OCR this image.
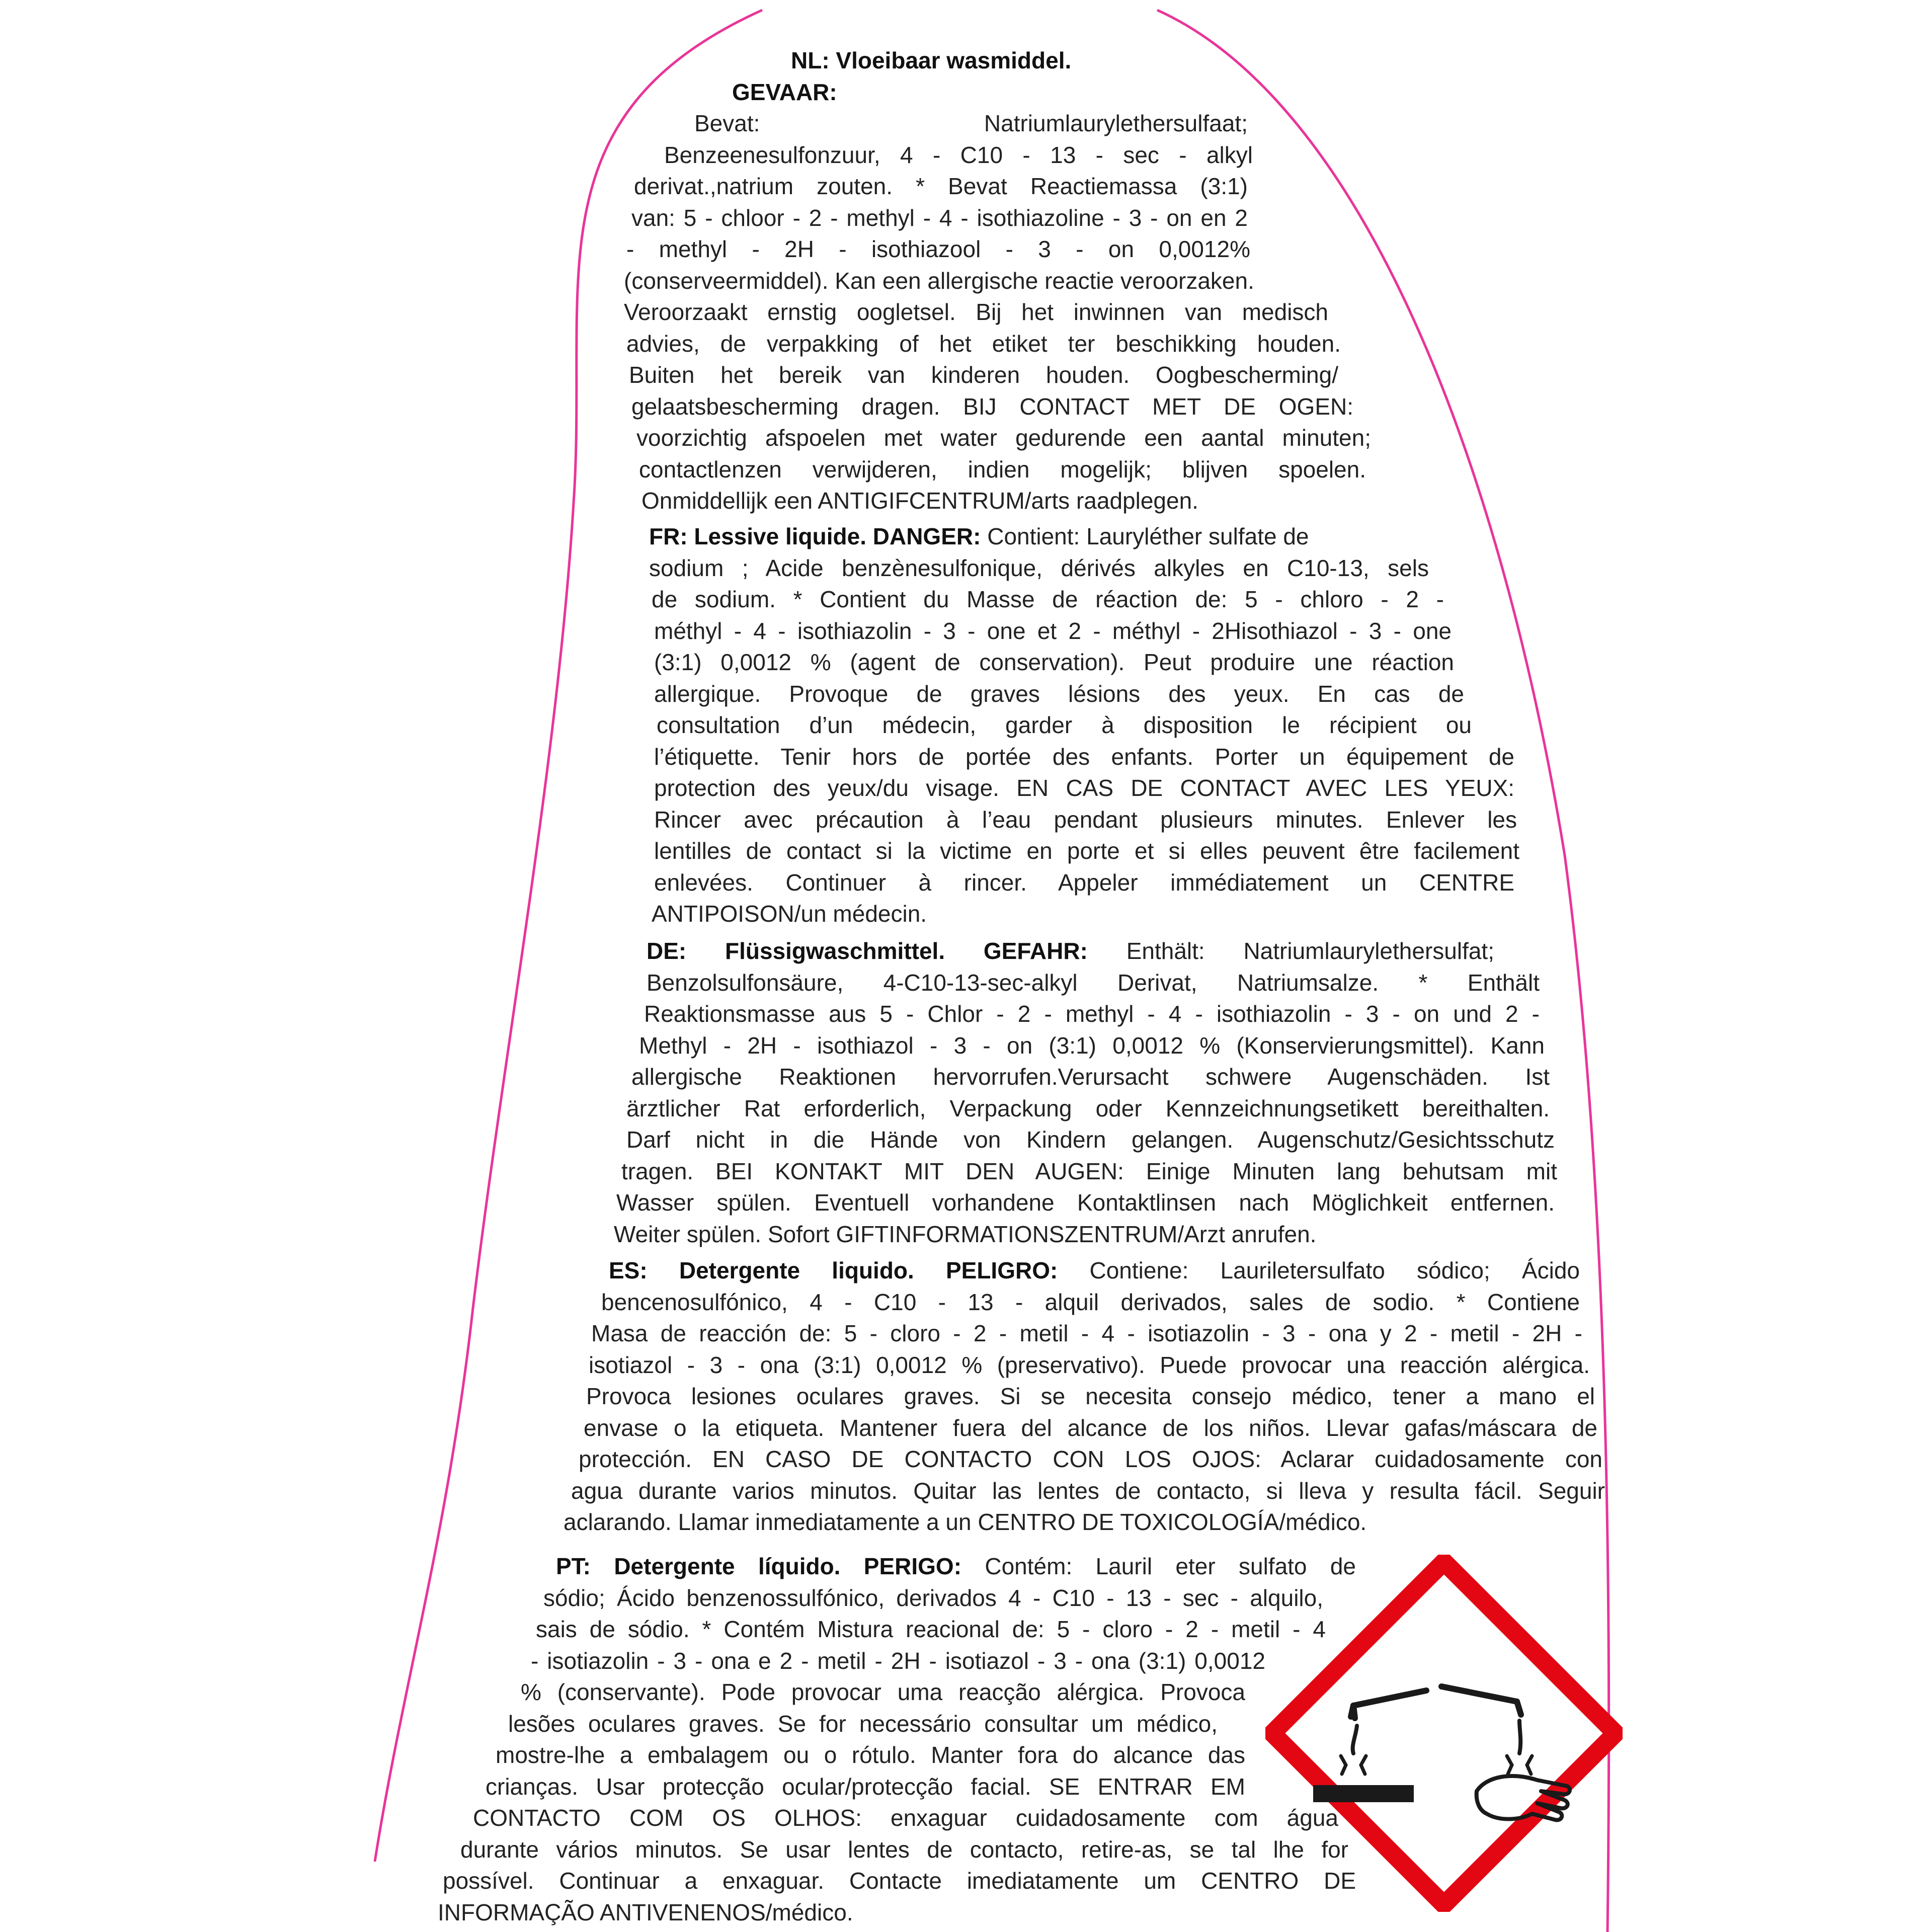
NL: Vloeibaar wasmiddel.
GEVAAR:
Bevat: Natriumlaurylethersulfaat;
Benzeenesulfonzuur, 4 - C10 - 13 - sec - alkyl
derivat.,natrium zouten. * Bevat Reactiemassa (3:1)
van: 5 - chloor - 2 - methyl - 4 - isothiazoline - 3 - on en 2
- methyl - 2H - isothiazool - 3 - on 0,0012%
(conserveermiddel). Kan een allergische reactie veroorzaken.
Veroorzaakt ernstig oogletsel. Bij het inwinnen van medisch
advies, de verpakking of het etiket ter beschikking houden.
Buiten het bereik van kinderen houden. Oogbescherming/
gelaatsbescherming dragen. BIJ CONTACT MET DE OGEN:
voorzichtig afspoelen met water gedurende een aantal minuten;
contactlenzen verwijderen, indien mogelijk; blijven spoelen.
Onmiddellijk een ANTIGIFCENTRUM/arts raadplegen.
FR: Lessive liquide. DANGER: Contient: Lauryléther sulfate de
sodium ; Acide benzènesulfonique, dérivés alkyles en C10-13, sels
de sodium. * Contient du Masse de réaction de: 5 - chloro - 2 -
méthyl - 4 - isothiazolin - 3 - one et 2 - méthyl - 2Hisothiazol - 3 - one
(3:1) 0,0012 % (agent de conservation). Peut produire une réaction
allergique. Provoque de graves lésions des yeux. En cas de
consultation d’un médecin, garder à disposition le récipient ou
l’étiquette. Tenir hors de portée des enfants. Porter un équipement de
protection des yeux/du visage. EN CAS DE CONTACT AVEC LES YEUX:
Rincer avec précaution à l’eau pendant plusieurs minutes. Enlever les
lentilles de contact si la victime en porte et si elles peuvent être facilement
enlevées. Continuer à rincer. Appeler immédiatement un CENTRE
ANTIPOISON/un médecin.
DE: Flüssigwaschmittel. GEFAHR: Enthält: Natriumlaurylethersulfat;
Benzolsulfonsäure, 4-C10-13-sec-alkyl Derivat, Natriumsalze. * Enthält
Reaktionsmasse aus 5 - Chlor - 2 - methyl - 4 - isothiazolin - 3 - on und 2 -
Methyl - 2H - isothiazol - 3 - on (3:1) 0,0012 % (Konservierungsmittel). Kann
allergische Reaktionen hervorrufen.Verursacht schwere Augenschäden. Ist
ärztlicher Rat erforderlich, Verpackung oder Kennzeichnungsetikett bereithalten.
Darf nicht in die Hände von Kindern gelangen. Augenschutz/Gesichtsschutz
tragen. BEI KONTAKT MIT DEN AUGEN: Einige Minuten lang behutsam mit
Wasser spülen. Eventuell vorhandene Kontaktlinsen nach Möglichkeit entfernen.
Weiter spülen. Sofort GIFTINFORMATIONSZENTRUM/Arzt anrufen.
ES: Detergente liquido. PELIGRO: Contiene: Lauriletersulfato sódico; Ácido
bencenosulfónico, 4 - C10 - 13 - alquil derivados, sales de sodio. * Contiene
Masa de reacción de: 5 - cloro - 2 - metil - 4 - isotiazolin - 3 - ona y 2 - metil - 2H -
isotiazol - 3 - ona (3:1) 0,0012 % (preservativo). Puede provocar una reacción alérgica.
Provoca lesiones oculares graves. Si se necesita consejo médico, tener a mano el
envase o la etiqueta. Mantener fuera del alcance de los niños. Llevar gafas/máscara de
protección. EN CASO DE CONTACTO CON LOS OJOS: Aclarar cuidadosamente con
agua durante varios minutos. Quitar las lentes de contacto, si lleva y resulta fácil. Seguir
aclarando. Llamar inmediatamente a un CENTRO DE TOXICOLOGÍA/médico.
PT: Detergente líquido. PERIGO: Contém: Lauril eter sulfato de
sódio; Ácido benzenossulfónico, derivados 4 - C10 - 13 - sec - alquilo,
sais de sódio. * Contém Mistura reacional de: 5 - cloro - 2 - metil - 4
- isotiazolin - 3 - ona e 2 - metil - 2H - isotiazol - 3 - ona (3:1) 0,0012
% (conservante). Pode provocar uma reacção alérgica. Provoca
lesões oculares graves. Se for necessário consultar um médico,
mostre-lhe a embalagem ou o rótulo. Manter fora do alcance das
crianças. Usar protecção ocular/protecção facial. SE ENTRAR EM
CONTACTO COM OS OLHOS: enxaguar cuidadosamente com água
durante vários minutos. Se usar lentes de contacto, retire-as, se tal lhe for
possível. Continuar a enxaguar. Contacte imediatamente um CENTRO DE
INFORMAÇÃO ANTIVENENOS/médico.
